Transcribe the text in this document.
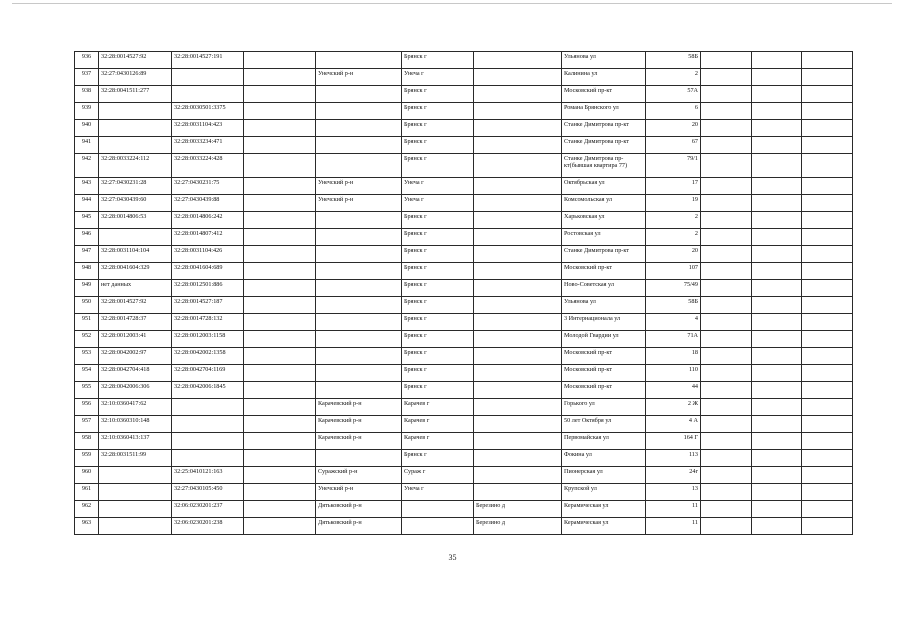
936	32:28:0014527:92	32:28:0014527:191			Брянск г		Ульянова ул	58Б			
937	32:27:0430126:89			Унечский р-н	Унеча г		Калинина ул	2			
938	32:28:0041511:277				Брянск г		Московский пр-кт	57А			
939		32:28:0030501:3375			Брянск г		Романа Брянского ул	6			
940		32:28:0031104:423			Брянск г		Станке Димитрова пр-кт	20			
941		32:28:0033234:471			Брянск г		Станке Димитрова пр-кт	67			
942	32:28:0033224:112	32:28:0033224:428			Брянск г		Станке Димитрова пр-кт(бывшая квартира 77)	79/1			
943	32:27:0430231:28	32:27:0430231:75		Унечский р-н	Унеча г		Октябрьская ул	17			
944	32:27:0430439:60	32:27:0430439:88		Унечский р-н	Унеча г		Комсомольская ул	19			
945	32:28:0014806:53	32:28:0014806:242			Брянск г		Харьковская ул	2			
946		32:28:0014807:412			Брянск г		Ростовская ул	2			
947	32:28:0031104:104	32:28:0031104:426			Брянск г		Станке Димитрова пр-кт	20			
948	32:28:0041604:329	32:28:0041604:689			Брянск г		Московский пр-кт	107			
949	нет данных	32:28:0012501:886			Брянск г		Ново-Советская ул	75/49			
950	32:28:0014527:92	32:28:0014527:187			Брянск г		Ульянова ул	58Б			
951	32:28:0014728:37	32:28:0014728:132			Брянск г		3 Интернационала ул	4			
952	32:28:0012003:41	32:28:0012003:1158			Брянск г		Молодой Гвардии ул	71А			
953	32:28:0042002:97	32:28:0042002:1358			Брянск г		Московский пр-кт	18			
954	32:28:0042704:418	32:28:0042704:1169			Брянск г		Московский пр-кт	110			
955	32:28:0042006:306	32:28:0042006:1845			Брянск г		Московский пр-кт	44			
956	32:10:0360417:62			Карачевский р-н	Карачев г		Горького ул	2 Ж			
957	32:10:0360310:148			Карачевский р-н	Карачев г		50 лет Октября ул	4 А			
958	32:10:0360413:137			Карачевский р-н	Карачев г		Первомайская ул	164 Г			
959	32:28:0031511:99				Брянск г		Фокина ул	113			
960		32:25:0410121:163		Суражский р-н	Сураж г		Пионерская ул	24г			
961		32:27:0430105:450		Унечский р-н	Унеча г		Крупской ул	13			
962		32:06:0230201:237		Дятьковский р-н		Березино д	Керамическая ул	11			
963		32:06:0230201:238		Дятьковский р-н		Березино д	Керамическая ул	11			
35
